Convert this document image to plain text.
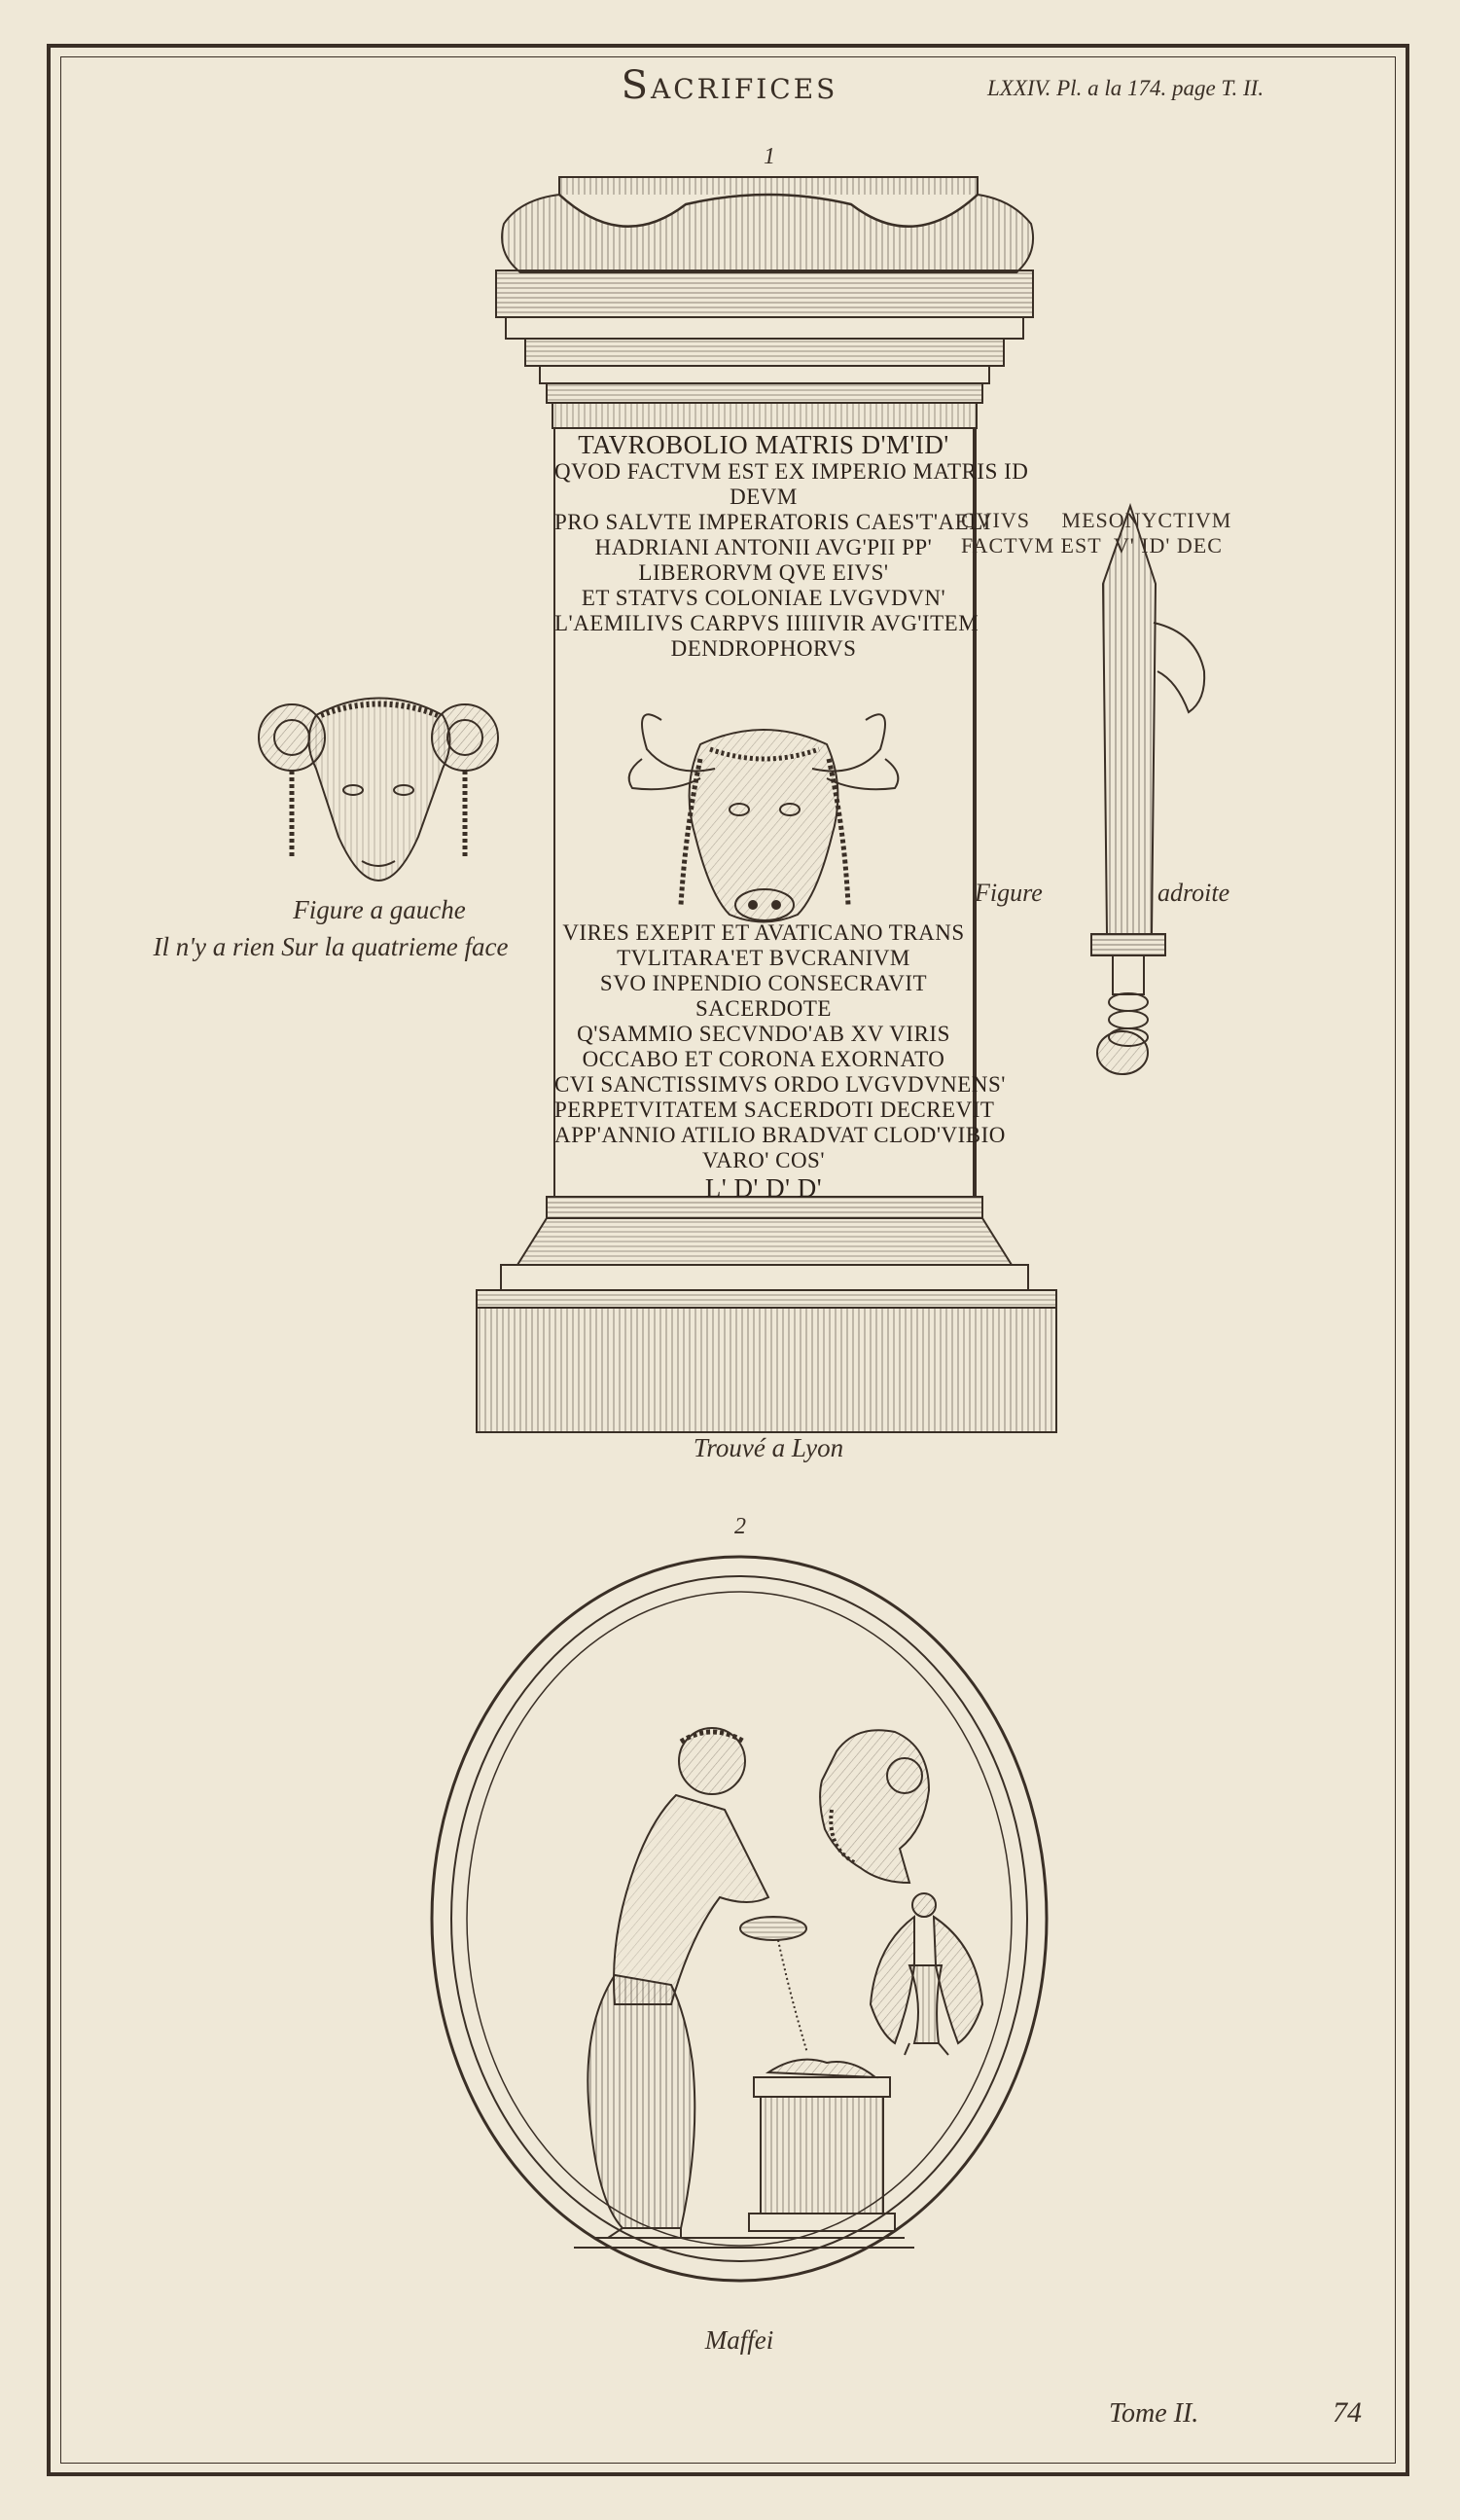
Sacrifices	LXXIV. Pl. a la 174. page T. II.
1
TAVROBOLIO MATRIS D'M'ID'
QVOD FACTVM EST EX IMPERIO MATRIS ID
DEVM
PRO SALVTE IMPERATORIS CAES'T'AELI
HADRIANI ANTONII AVG'PII PP'
LIBERORVM QVE EIVS'
ET STATVS COLONIAE LVGVDVN'
L'AEMILIVS CARPVS IIIIIVIR AVG'ITEM
DENDROPHORVS
VIRES EXEPIT ET AVATICANO TRANS
TVLITARA'ET BVCRANIVM
SVO INPENDIO CONSECRAVIT
SACERDOTE
Q'SAMMIO SECVNDO'AB XV VIRIS
OCCABO ET CORONA EXORNATO
CVI SANCTISSIMVS ORDO LVGVDVNENS'
PERPETVITATEM SACERDOTI DECREVIT
APP'ANNIO ATILIO BRADVAT CLOD'VIBIO
VARO' COS'
L' D' D' D'
CVIVS     MESONYCTIVM
FACTVM EST  V' ID' DEC
Figure a gauche
Il n'y a rien Sur la quatrieme face
Figure	adroite
Trouvé a Lyon
2
Maffei
Tome II.	74
